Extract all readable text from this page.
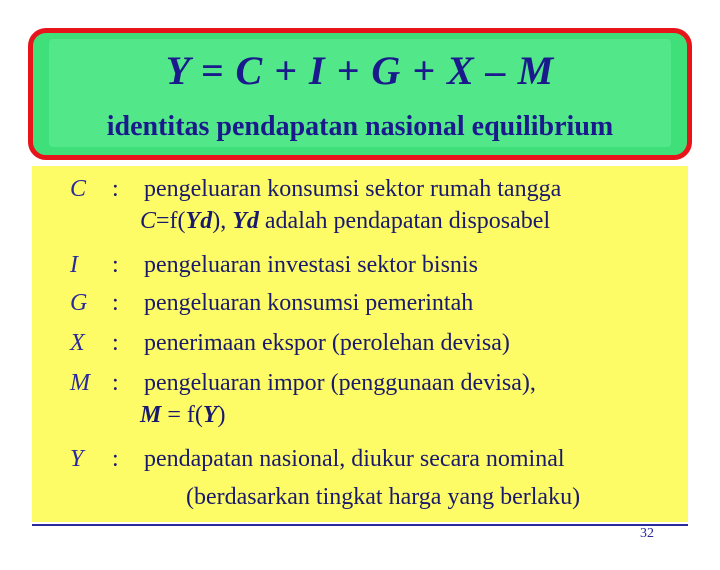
Y = C + I + G + X – M
identitas pendapatan nasional equilibrium
C	: pengeluaran konsumsi sektor rumah tangga
C=f(Yd), Yd adalah pendapatan disposabel
I	: pengeluaran investasi sektor bisnis
G	: pengeluaran konsumsi pemerintah
X	: penerimaan ekspor (perolehan devisa)
M : pengeluaran impor (penggunaan devisa),
M = f(Y)
Y	: pendapatan nasional, diukur secara nominal
(berdasarkan tingkat harga yang berlaku)
32
